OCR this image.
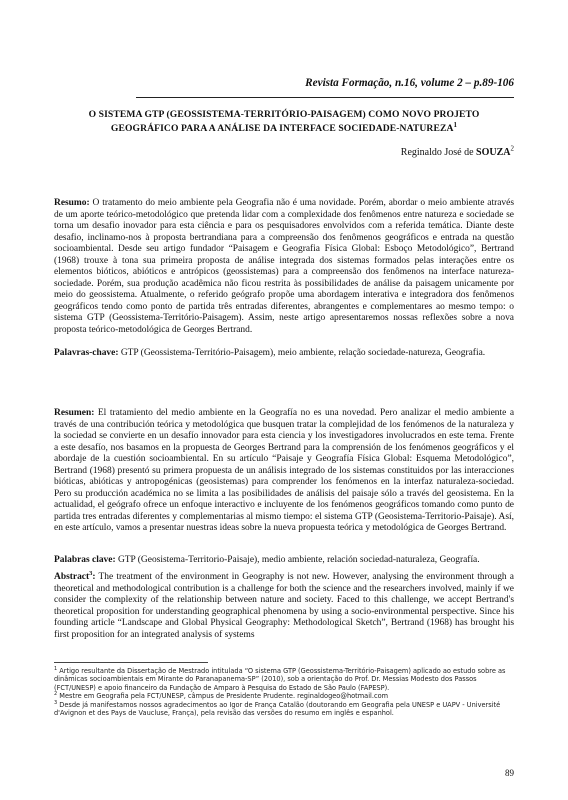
Revista Formação, n.16, volume 2 – p.89-106
O SISTEMA GTP (GEOSSISTEMA-TERRITÓRIO-PAISAGEM) COMO NOVO PROJETO
GEOGRÁFICO PARA A ANÁLISE DA INTERFACE SOCIEDADE-NATUREZA$^1$
Reginaldo José de SOUZA$^2$
Resumo: O tratamento do meio ambiente pela Geografia não é uma novidade. Porém, abordar o meio ambiente através de um aporte teórico-metodológico que pretenda lidar com a complexidade dos fenômenos entre natureza e sociedade se torna um desafio inovador para esta ciência e para os pesquisadores envolvidos com a referida temática. Diante deste desafio, inclinamo-nos à proposta bertrandiana para a compreensão dos fenômenos geográficos e entrada na questão socioambiental. Desde seu artigo fundador “Paisagem e Geografia Física Global: Esboço Metodológico”, Bertrand (1968) trouxe à tona sua primeira proposta de análise integrada dos sistemas formados pelas interações entre os elementos bióticos, abióticos e antrópicos (geossistemas) para a compreensão dos fenômenos na interface natureza-sociedade. Porém, sua produção acadêmica não ficou restrita às possibilidades de análise da paisagem unicamente por meio do geossistema. Atualmente, o referido geógrafo propõe uma abordagem interativa e integradora dos fenômenos geográficos tendo como ponto de partida três entradas diferentes, abrangentes e complementares ao mesmo tempo: o sistema GTP (Geossistema-Território-Paisagem). Assim, neste artigo apresentaremos nossas reflexões sobre a nova proposta teórico-metodológica de Georges Bertrand.
Palavras-chave: GTP (Geossistema-Território-Paisagem), meio ambiente, relação sociedade-natureza, Geografia.
Resumen: El tratamiento del medio ambiente en la Geografía no es una novedad. Pero analizar el medio ambiente a través de una contribución teórica y metodológica que busquen tratar la complejidad de los fenómenos de la naturaleza y la sociedad se convierte en un desafío innovador para esta ciencia y los investigadores involucrados en este tema. Frente a este desafío, nos basamos en la propuesta de Georges Bertrand para la comprensión de los fenómenos geográficos y el abordaje de la cuestión socioambiental. En su artículo “Paisaje y Geografía Física Global: Esquema Metodológico”, Bertrand (1968) presentó su primera propuesta de un análisis integrado de los sistemas constituidos por las interacciones bióticas, abióticas y antropogénicas (geosistemas) para comprender los fenómenos en la interfaz naturaleza-sociedad. Pero su producción académica no se limita a las posibilidades de análisis del paisaje sólo a través del geosistema. En la actualidad, el geógrafo ofrece un enfoque interactivo e incluyente de los fenómenos geográficos tomando como punto de partida tres entradas diferentes y complementarias al mismo tiempo: el sistema GTP (Geosistema-Territorio-Paisaje). Así, en este artículo, vamos a presentar nuestras ideas sobre la nueva propuesta teórica y metodológica de Georges Bertrand.
Palabras clave: GTP (Geosistema-Territorio-Paisaje), medio ambiente, relación sociedad-naturaleza, Geografía.
Abstract$^3$: The treatment of the environment in Geography is not new. However, analysing the environment through a theoretical and methodological contribution is a challenge for both the science and the researchers involved, mainly if we consider the complexity of the relationship between nature and society. Faced to this challenge, we accept Bertrand's theoretical proposition for understanding geographical phenomena by using a socio-environmental perspective. Since his founding article “Landscape and Global Physical Geography: Methodological Sketch”, Bertrand (1968) has brought his first proposition for an integrated analysis of systems

$^1$ Artigo resultante da Dissertação de Mestrado intitulada “O sistema GTP (Geossistema-Território-Paisagem) aplicado ao estudo sobre as dinâmicas socioambientais em Mirante do Paranapanema-SP” (2010), sob a orientação do Prof. Dr. Messias Modesto dos Passos (FCT/UNESP) e apoio financeiro da Fundação de Amparo à Pesquisa do Estado de São Paulo (FAPESP).

$^2$ Mestre em Geografia pela FCT/UNESP, câmpus de Presidente Prudente. reginaldogeo@hotmail.com

$^3$ Desde já manifestamos nossos agradecimentos ao Igor de França Catalão (doutorando em Geografia pela UNESP e UAPV - Université d'Avignon et des Pays de Vaucluse, França), pela revisão das versões do resumo em inglês e espanhol.

89
